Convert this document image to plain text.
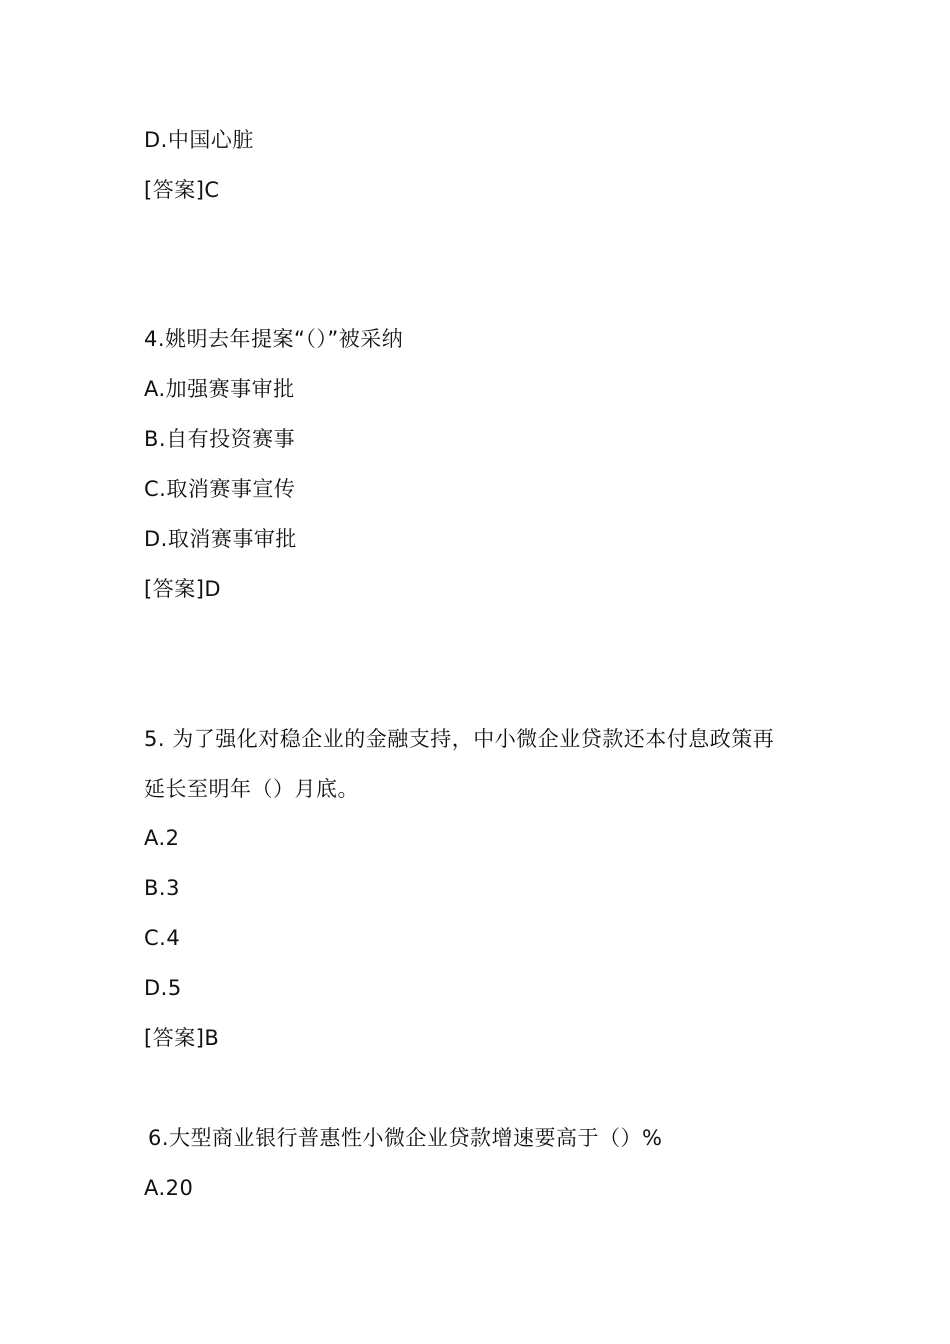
D.中国心脏
[答案]C
4.姚明去年提案“（）”被采纳
A.加强赛事审批
B.自有投资赛事
C.取消赛事宣传
D.取消赛事审批
[答案]D
5. 为了强化对稳企业的金融支持，中小微企业贷款还本付息政策再
延长至明年（）月底。
A.2
B.3
C.4
D.5
[答案]B
6.大型商业银行普惠性小微企业贷款增速要高于（）%
A.20
